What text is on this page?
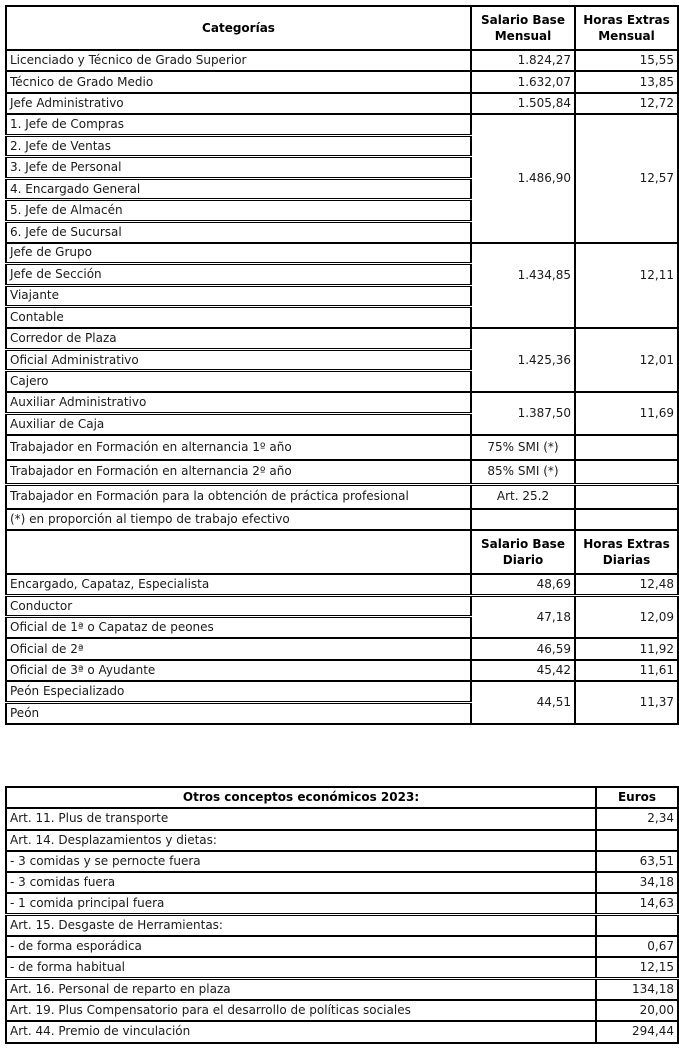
Categorías	Salario Base Mensual	Horas Extras Mensual
Licenciado y Técnico de Grado Superior	1.824,27	15,55
Técnico de Grado Medio	1.632,07	13,85
Jefe Administrativo	1.505,84	12,72
1. Jefe de Compras	1.486,90	12,57
2. Jefe de Ventas		
3. Jefe de Personal		
4. Encargado General		
5. Jefe de Almacén		
6. Jefe de Sucursal		
Jefe de Grupo	1.434,85	12,11
Jefe de Sección		
Viajante		
Contable		
Corredor de Plaza	1.425,36	12,01
Oficial Administrativo		
Cajero		
Auxiliar Administrativo	1.387,50	11,69
Auxiliar de Caja		
Trabajador en Formación en alternancia 1º año	75% SMI (*)	
Trabajador en Formación en alternancia 2º año	85% SMI (*)	
Trabajador en Formación para la obtención de práctica profesional	Art. 25.2	
(*) en proporción al tiempo de trabajo efectivo		
	Salario Base Diario	Horas Extras Diarias
Encargado, Capataz, Especialista	48,69	12,48
Conductor	47,18	12,09
Oficial de 1ª o Capataz de peones		
Oficial de 2ª	46,59	11,92
Oficial de 3ª o Ayudante	45,42	11,61
Peón Especializado	44,51	11,37
Peón		
Otros conceptos económicos 2023:	Euros
Art. 11. Plus de transporte	2,34
Art. 14. Desplazamientos y dietas:	
- 3 comidas y se pernocte fuera	63,51
- 3 comidas fuera	34,18
- 1 comida principal fuera	14,63
Art. 15. Desgaste de Herramientas:	
- de forma esporádica	0,67
- de forma habitual	12,15
Art. 16. Personal de reparto en plaza	134,18
Art. 19. Plus Compensatorio para el desarrollo de políticas sociales	20,00
Art. 44. Premio de vinculación	294,44
